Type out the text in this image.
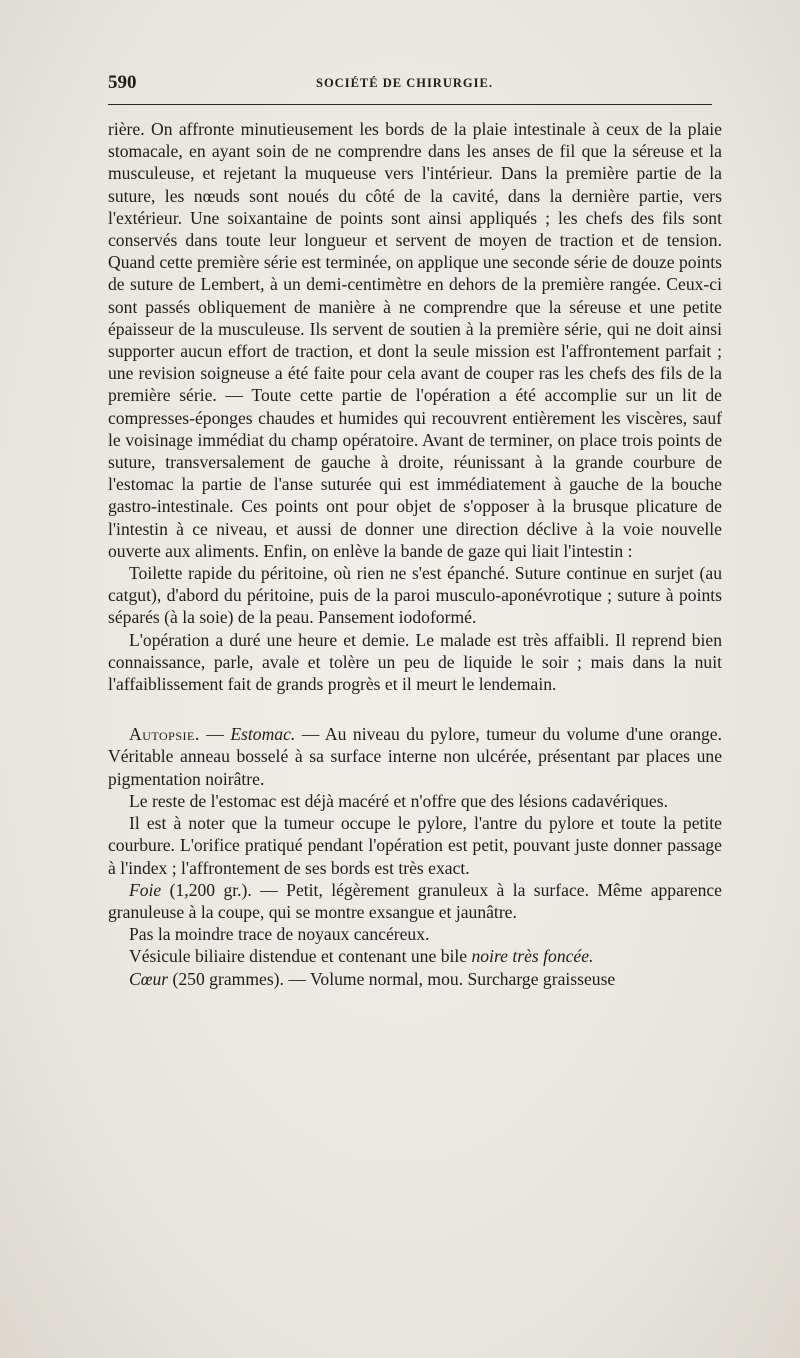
590	SOCIÉTÉ DE CHIRURGIE.

rière. On affronte minutieusement les bords de la plaie intestinale à ceux de la plaie stomacale, en ayant soin de ne comprendre dans les anses de fil que la séreuse et la musculeuse, et rejetant la muqueuse vers l'intérieur. Dans la première partie de la suture, les nœuds sont noués du côté de la cavité, dans la dernière partie, vers l'extérieur. Une soixantaine de points sont ainsi appliqués ; les chefs des fils sont conservés dans toute leur longueur et servent de moyen de traction et de tension. Quand cette première série est terminée, on applique une seconde série de douze points de suture de Lembert, à un demi-centimètre en dehors de la première rangée. Ceux-ci sont passés obliquement de manière à ne comprendre que la séreuse et une petite épaisseur de la musculeuse. Ils servent de soutien à la première série, qui ne doit ainsi supporter aucun effort de traction, et dont la seule mission est l'affrontement parfait ; une revision soigneuse a été faite pour cela avant de couper ras les chefs des fils de la première série. — Toute cette partie de l'opération a été accomplie sur un lit de compresses-éponges chaudes et humides qui recouvrent entièrement les viscères, sauf le voisinage immédiat du champ opératoire. Avant de terminer, on place trois points de suture, transversalement de gauche à droite, réunissant à la grande courbure de l'estomac la partie de l'anse suturée qui est immédiatement à gauche de la bouche gastro-intestinale. Ces points ont pour objet de s'opposer à la brusque plicature de l'intestin à ce niveau, et aussi de donner une direction déclive à la voie nouvelle ouverte aux aliments. Enfin, on enlève la bande de gaze qui liait l'intestin :

Toilette rapide du péritoine, où rien ne s'est épanché. Suture continue en surjet (au catgut), d'abord du péritoine, puis de la paroi musculo-aponévrotique ; suture à points séparés (à la soie) de la peau. Pansement iodoformé.

L'opération a duré une heure et demie. Le malade est très affaibli. Il reprend bien connaissance, parle, avale et tolère un peu de liquide le soir ; mais dans la nuit l'affaiblissement fait de grands progrès et il meurt le lendemain.

Autopsie. — Estomac. — Au niveau du pylore, tumeur du volume d'une orange. Véritable anneau bosselé à sa surface interne non ulcérée, présentant par places une pigmentation noirâtre.

Le reste de l'estomac est déjà macéré et n'offre que des lésions cadavériques.

Il est à noter que la tumeur occupe le pylore, l'antre du pylore et toute la petite courbure. L'orifice pratiqué pendant l'opération est petit, pouvant juste donner passage à l'index ; l'affrontement de ses bords est très exact.

Foie (1,200 gr.). — Petit, légèrement granuleux à la surface. Même apparence granuleuse à la coupe, qui se montre exsangue et jaunâtre.

Pas la moindre trace de noyaux cancéreux.

Vésicule biliaire distendue et contenant une bile noire très foncée.

Cœur (250 grammes). — Volume normal, mou. Surcharge graisseuse
